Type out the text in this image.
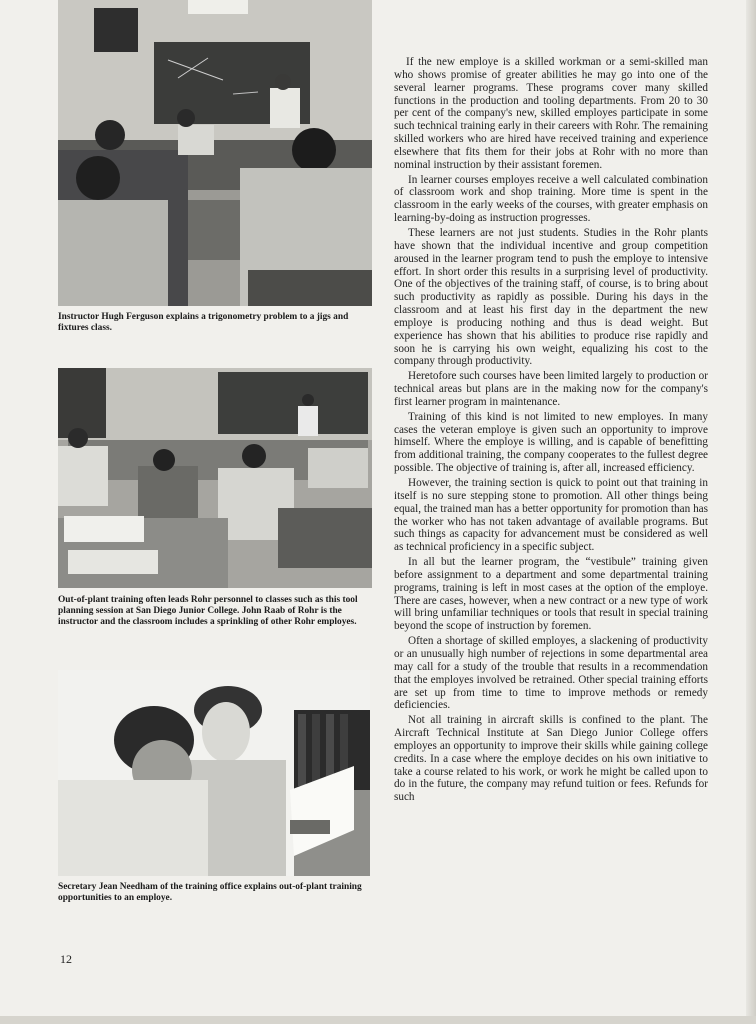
Instructor Hugh Ferguson explains a trigonometry problem to a jigs and fixtures class.

Out-of-plant training often leads Rohr personnel to classes such as this tool planning session at San Diego Junior College. John Raab of Rohr is the instructor and the classroom includes a sprinkling of other Rohr employes.

Secretary Jean Needham of the training office explains out-of-plant training opportunities to an employe.

If the new employe is a skilled workman or a semi-skilled man who shows promise of greater abilities he may go into one of the several learner programs. These programs cover many skilled functions in the production and tooling departments. From 20 to 30 per cent of the company's new, skilled employes participate in some such technical training early in their careers with Rohr. The remaining skilled workers who are hired have received training and experience elsewhere that fits them for their jobs at Rohr with no more than nominal instruction by their assistant foremen.

In learner courses employes receive a well calculated combination of classroom work and shop training. More time is spent in the classroom in the early weeks of the courses, with greater emphasis on learning-by-doing as instruction progresses.

These learners are not just students. Studies in the Rohr plants have shown that the individual incentive and group competition aroused in the learner program tend to push the employe to intensive effort. In short order this results in a surprising level of productivity. One of the objectives of the training staff, of course, is to bring about such productivity as rapidly as possible. During his days in the classroom and at least his first day in the department the new employe is producing nothing and thus is dead weight. But experience has shown that his abilities to produce rise rapidly and soon he is carrying his own weight, equalizing his cost to the company through productivity.

Heretofore such courses have been limited largely to production or technical areas but plans are in the making now for the company's first learner program in maintenance.

Training of this kind is not limited to new employes. In many cases the veteran employe is given such an opportunity to improve himself. Where the employe is willing, and is capable of benefitting from additional training, the company cooperates to the fullest degree possible. The objective of training is, after all, increased efficiency.

However, the training section is quick to point out that training in itself is no sure stepping stone to promotion. All other things being equal, the trained man has a better opportunity for promotion than has the worker who has not taken advantage of available programs. But such things as capacity for advancement must be considered as well as technical proficiency in a specific subject.

In all but the learner program, the “vestibule” training given before assignment to a department and some departmental training programs, training is left in most cases at the option of the employe. There are cases, however, when a new contract or a new type of work will bring unfamiliar techniques or tools that result in special training beyond the scope of instruction by foremen.

Often a shortage of skilled employes, a slackening of productivity or an unusually high number of rejections in some departmental area may call for a study of the trouble that results in a recommendation that the employes involved be retrained. Other special training efforts are set up from time to time to improve methods or remedy deficiencies.

Not all training in aircraft skills is confined to the plant. The Aircraft Technical Institute at San Diego Junior College offers employes an opportunity to improve their skills while gaining college credits. In a case where the employe decides on his own initiative to take a course related to his work, or work he might be called upon to do in the future, the company may refund tuition or fees. Refunds for such

12
